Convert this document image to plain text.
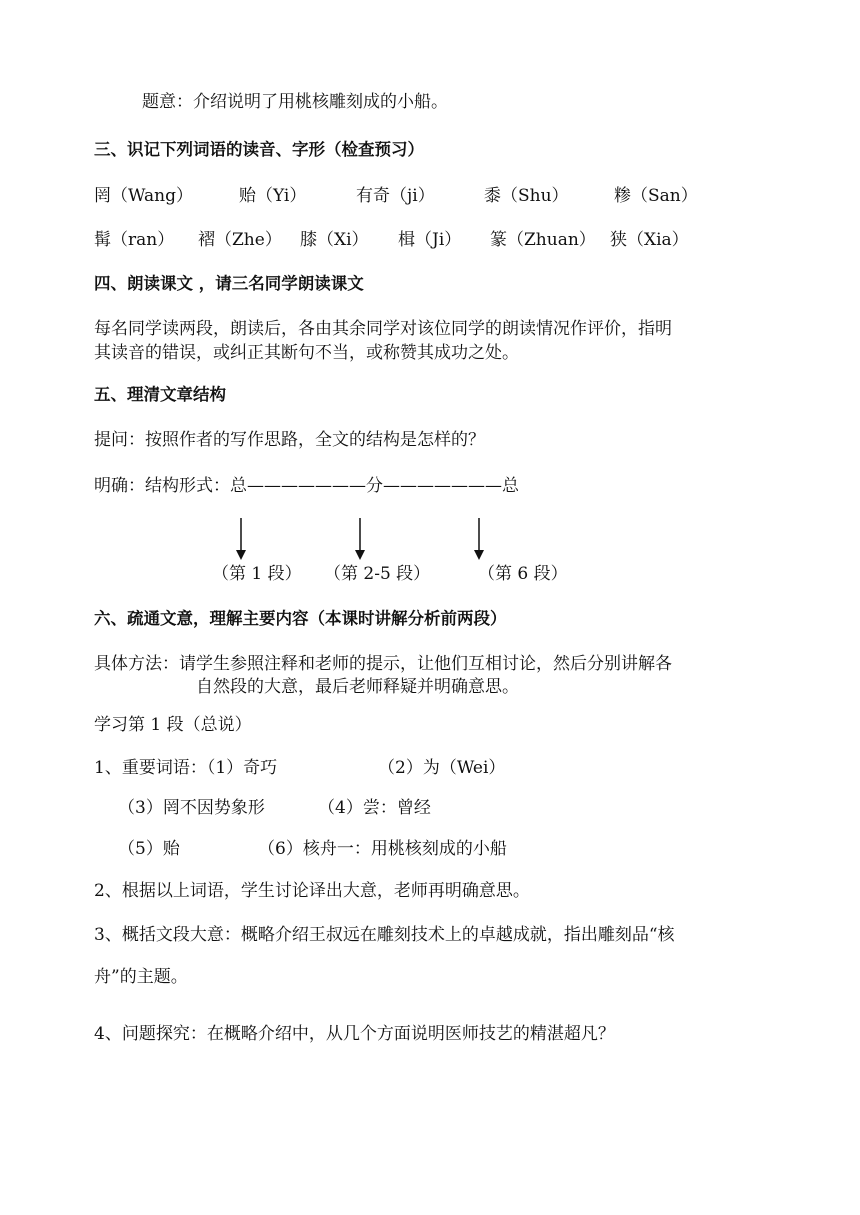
题意：介绍说明了用桃核雕刻成的小船。
三、识记下列词语的读音、字形（检查预习）
罔（Wang）	贻（Yi）	有奇（ji）	黍（Shu）	糁（San）
髯（ran） 褶（Zhe） 膝（Xi） 楫（Ji） 篆（Zhuan） 狭（Xia）
四、朗读课文 ，请三名同学朗读课文
每名同学读两段，朗读后，各由其余同学对该位同学的朗读情况作评价，指明
其读音的错误，或纠正其断句不当，或称赞其成功之处。
五、理清文章结构
提问：按照作者的写作思路，全文的结构是怎样的？
明确：结构形式：总———————分———————总
（第 1 段） （第 2-5 段）	（第 6 段）
六、疏通文意，理解主要内容（本课时讲解分析前两段）
具体方法：请学生参照注释和老师的提示，让他们互相讨论，然后分别讲解各
自然段的大意，最后老师释疑并明确意思。
学习第 1 段（总说）
1、重要词语：（1）奇巧	（2）为（Wei）
（3）罔不因势象形	（4）尝：曾经
（5）贻	（6）核舟一：用桃核刻成的小船
2、根据以上词语，学生讨论译出大意，老师再明确意思。
3、概括文段大意：概略介绍王叔远在雕刻技术上的卓越成就，指出雕刻品“核
舟”的主题。
4、问题探究：在概略介绍中，从几个方面说明医师技艺的精湛超凡？
